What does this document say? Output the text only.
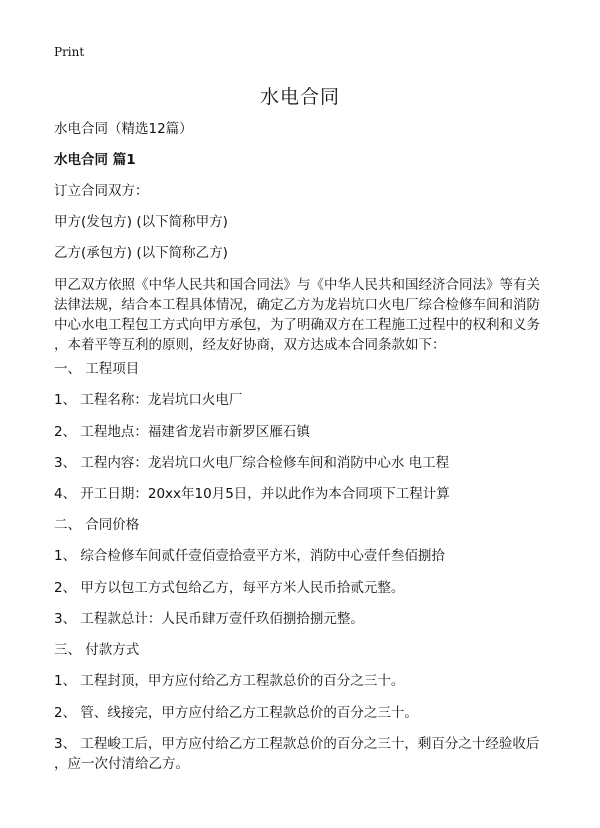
Print
水电合同
水电合同（精选12篇）
水电合同 篇1
订立合同双方：
甲方(发包方) (以下简称甲方)
乙方(承包方) (以下简称乙方)
甲乙双方依照《中华人民共和国合同法》与《中华人民共和国经济合同法》等有关
法律法规，结合本工程具体情况，确定乙方为龙岩坑口火电厂综合检修车间和消防
中心水电工程包工方式向甲方承包，为了明确双方在工程施工过程中的权利和义务
，本着平等互利的原则，经友好协商，双方达成本合同条款如下：
一、 工程项目
1、 工程名称：龙岩坑口火电厂
2、 工程地点：福建省龙岩市新罗区雁石镇
3、 工程内容：龙岩坑口火电厂综合检修车间和消防中心水 电工程
4、 开工日期：20xx年10月5日，并以此作为本合同项下工程计算
二、 合同价格
1、 综合检修车间贰仟壹佰壹拾壹平方米，消防中心壹仟叁佰捌拾
2、 甲方以包工方式包给乙方，每平方米人民币拾贰元整。
3、 工程款总计：人民币肆万壹仟玖佰捌拾捌元整。
三、 付款方式
1、 工程封顶，甲方应付给乙方工程款总价的百分之三十。
2、 管、线接完，甲方应付给乙方工程款总价的百分之三十。
3、 工程峻工后，甲方应付给乙方工程款总价的百分之三十，剩百分之十经验收后
，应一次付清给乙方。
